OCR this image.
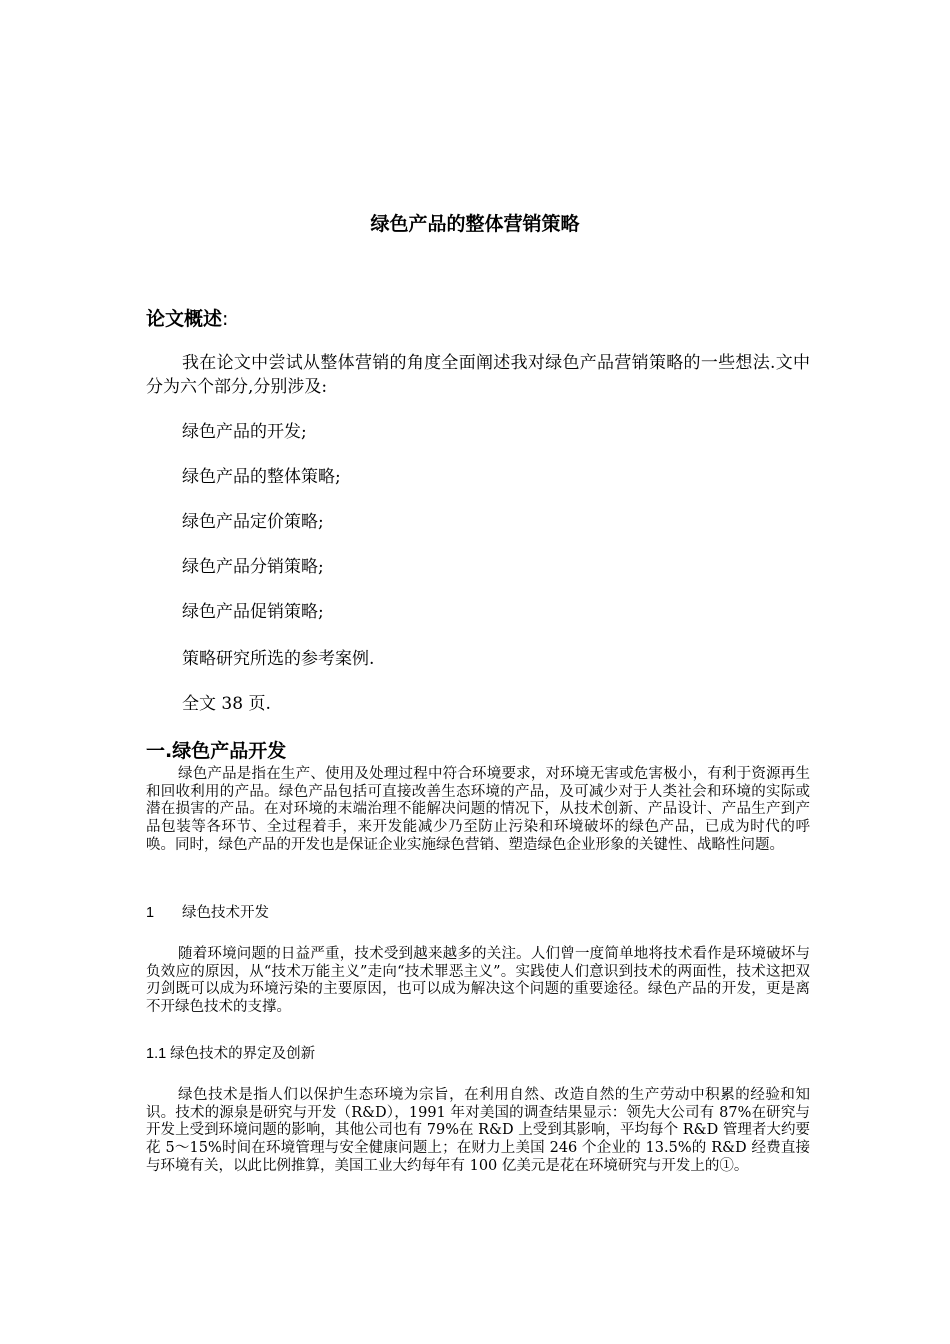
绿色产品的整体营销策略
论文概述:

我在论文中尝试从整体营销的角度全面阐述我对绿色产品营销策略的一些想法.文中分为六个部分,分别涉及:

绿色产品的开发;

绿色产品的整体策略;

绿色产品定价策略;

绿色产品分销策略;

绿色产品促销策略;

策略研究所选的参考案例.

全文 38 页.

一.绿色产品开发

绿色产品是指在生产、使用及处理过程中符合环境要求，对环境无害或危害极小，有利于资源再生和回收利用的产品。绿色产品包括可直接改善生态环境的产品，及可减少对于人类社会和环境的实际或潜在损害的产品。在对环境的末端治理不能解决问题的情况下，从技术创新、产品设计、产品生产到产品包装等各环节、全过程着手，来开发能减少乃至防止污染和环境破坏的绿色产品，已成为时代的呼唤。同时，绿色产品的开发也是保证企业实施绿色营销、塑造绿色企业形象的关键性、战略性问题。

1 绿色技术开发

随着环境问题的日益严重，技术受到越来越多的关注。人们曾一度简单地将技术看作是环境破坏与负效应的原因，从“技术万能主义”走向“技术罪恶主义”。实践使人们意识到技术的两面性，技术这把双刃剑既可以成为环境污染的主要原因，也可以成为解决这个问题的重要途径。绿色产品的开发，更是离不开绿色技术的支撑。

1.1 绿色技术的界定及创新

绿色技术是指人们以保护生态环境为宗旨，在利用自然、改造自然的生产劳动中积累的经验和知识。技术的源泉是研究与开发（R&D），1991 年对美国的调查结果显示：领先大公司有 87%在研究与开发上受到环境问题的影响，其他公司也有 79%在 R&D 上受到其影响，平均每个 R&D 管理者大约要花 5～15%时间在环境管理与安全健康问题上；在财力上美国 246 个企业的 13.5%的 R&D 经费直接与环境有关，以此比例推算，美国工业大约每年有 100 亿美元是花在环境研究与开发上的①。
